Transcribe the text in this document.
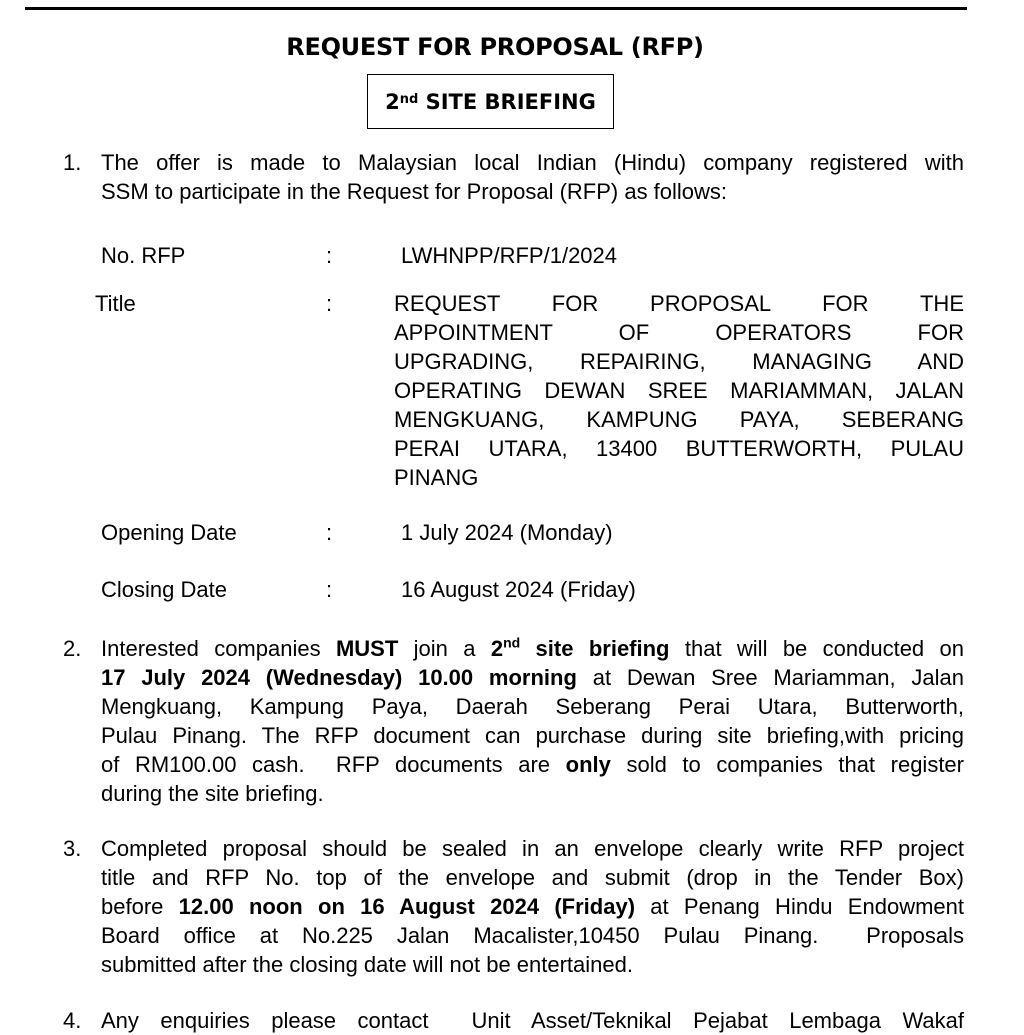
REQUEST FOR PROPOSAL (RFP)
2nd SITE BRIEFING
1. The offer is made to Malaysian local Indian (Hindu) company registered with
SSM to participate in the Request for Proposal (RFP) as follows:
No. RFP	:	LWHNPP/RFP/1/2024
Title	:	REQUEST FOR PROPOSAL FOR THE
APPOINTMENT OF OPERATORS FOR
UPGRADING, REPAIRING, MANAGING AND
OPERATING DEWAN SREE MARIAMMAN, JALAN
MENGKUANG, KAMPUNG PAYA, SEBERANG
PERAI UTARA, 13400 BUTTERWORTH, PULAU
PINANG
Opening Date	:	1 July 2024 (Monday)
Closing Date	:	16 August 2024 (Friday)
2. Interested companies MUST join a 2nd site briefing that will be conducted on
17 July 2024 (Wednesday) 10.00 morning at Dewan Sree Mariamman, Jalan
Mengkuang, Kampung Paya, Daerah Seberang Perai Utara, Butterworth,
Pulau Pinang. The RFP document can purchase during site briefing,with pricing
of RM100.00 cash.  RFP documents are only sold to companies that register
during the site briefing.
3. Completed proposal should be sealed in an envelope clearly write RFP project
title and RFP No. top of the envelope and submit (drop in the Tender Box)
before 12.00 noon on 16 August 2024 (Friday) at Penang Hindu Endowment
Board office at No.225 Jalan Macalister,10450 Pulau Pinang.  Proposals
submitted after the closing date will not be entertained.
4. Any enquiries please contact  Unit Asset/Teknikal Pejabat Lembaga Wakaf
